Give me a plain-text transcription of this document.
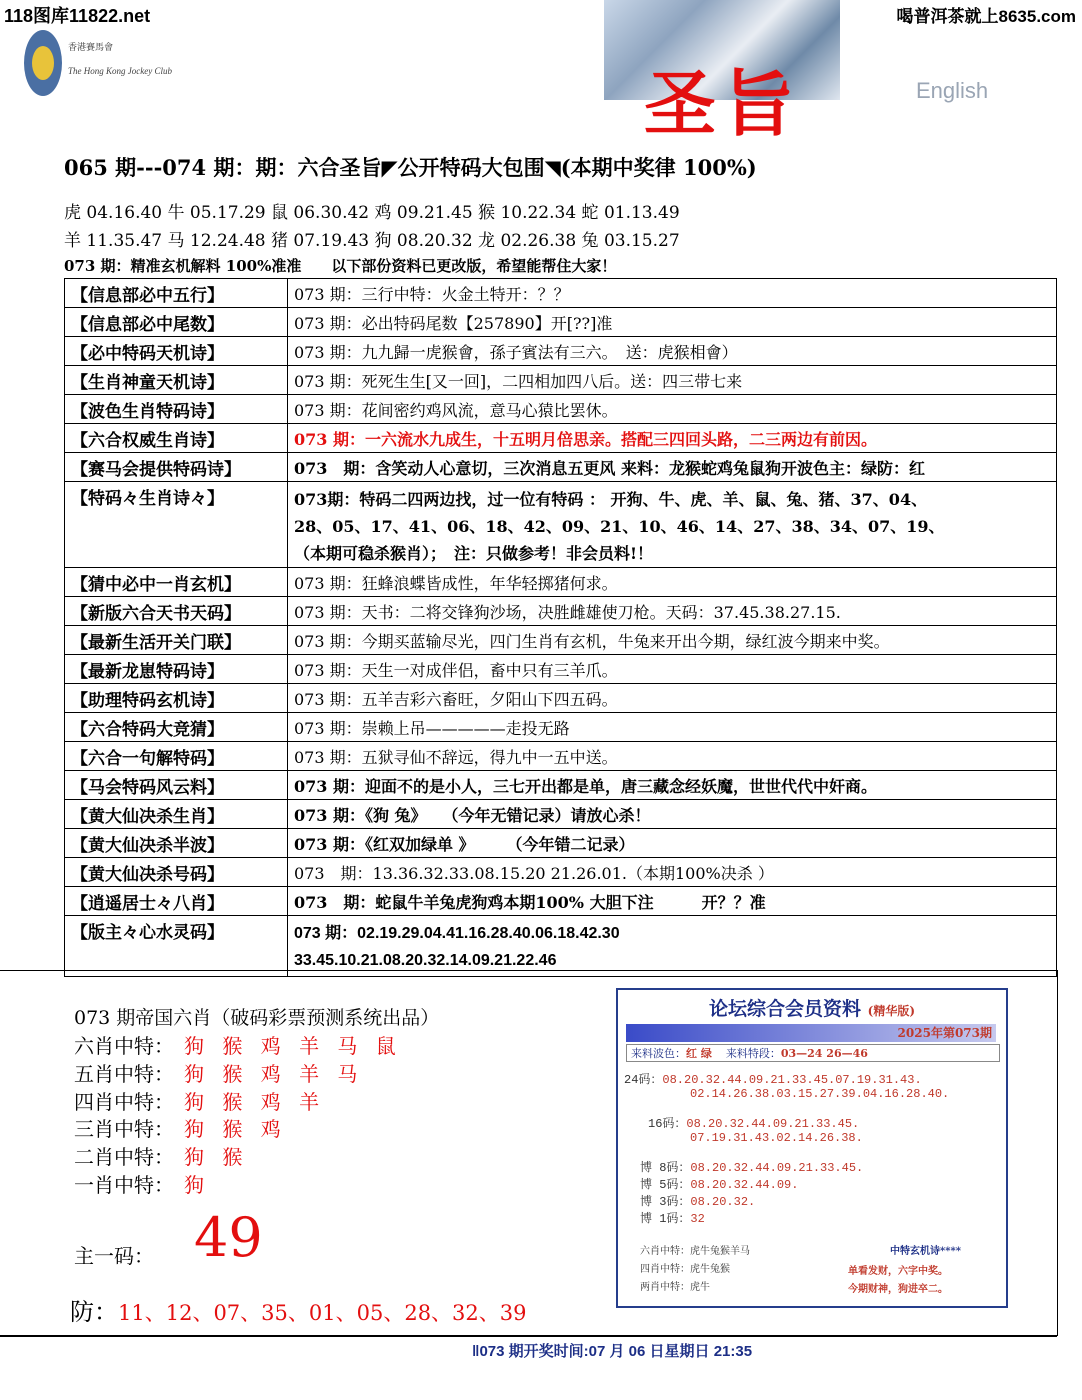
118图库11822.net	喝普洱茶就上8635.com
香港賽馬會
The Hong Kong Jockey Club	圣旨	English
065 期---074 期：期：六合圣旨◤公开特码大包围◥(本期中奖律 100%)
虎 04.16.40 牛 05.17.29 鼠 06.30.42 鸡 09.21.45 猴 10.22.34 蛇 01.13.49
羊 11.35.47 马 12.24.48 猪 07.19.43 狗 08.20.32 龙 02.26.38 兔 03.15.27
073 期：精准玄机解料 100%准准　　以下部份资料已更改版，希望能帮住大家！
【信息部必中五行】	073 期：三行中特：火金土特开：？？
【信息部必中尾数】	073 期：必出特码尾数【257890】开[??]准
【必中特码天机诗】	073 期：九九歸一虎猴會，孫子賓法有三六。　送：虎猴相會）
【生肖神童天机诗】	073 期：死死生生[又一回]，二四相加四八后。送：四三带七来
【波色生肖特码诗】	073 期：花间密约鸡风流，意马心猿比罢休。
【六合权威生肖诗】	073 期：一六流水九成生，十五明月倍思亲。搭配三四回头路，二三两边有前因。
【赛马会提供特码诗】	073　期：含笑动人心意切，三次消息五更风 来料：龙猴蛇鸡兔鼠狗开波色主：绿防：红
【特码々生肖诗々】	073期：特码二四两边找，过一位有特码 ： 开狗、牛、虎、羊、鼠、兔、猪、37、04、
28、05、17、41、06、18、42、09、21、10、46、14、27、38、34、07、19、
（本期可稳杀猴肖）；　注：只做参考！非会员料!！

【猜中必中一肖玄机】	073 期：狂蜂浪蝶皆成性，年华轻掷猪何求。
【新版六合天书天码】	073 期：天书：二将交锋狗沙场，决胜雌雄使刀枪。天码：37.45.38.27.15.
【最新生活开关门联】	073 期：今期买蓝输尽光，四门生肖有玄机，牛兔来开出今期，绿红波今期来中奖。
【最新龙崽特码诗】	073 期：天生一对成伴侣，畜中只有三羊爪。
【助理特码玄机诗】	073 期：五羊吉彩六畜旺，夕阳山下四五码。
【六合特码大竞猜】	073 期：崇赖上吊—————走投无路
【六合一句解特码】	073 期：五狱寻仙不辞远，得九中一五中送。
【马会特码风云料】	073 期：迎面不的是小人，三七开出都是单，唐三藏念经妖魔，世世代代中奸商。
【黄大仙决杀生肖】	073 期：《狗 兔》　　（今年无错记录）请放心杀！
【黄大仙决杀半波】	073 期：《红双加绿单 》　　　（今年错二记录）
【黄大仙决杀号码】	073　期：13.36.32.33.08.15.20 21.26.01.（本期100%决杀 ）
【逍遥居士々八肖】	073　期：蛇鼠牛羊兔虎狗鸡本期100% 大胆下注　　　开？？准
【版主々心水灵码】	073 期：02.19.29.04.41.16.28.40.06.18.42.30
33.45.10.21.08.20.32.14.09.21.22.46
073 期帝国六肖（破码彩票预测系统出品）
六肖中特： 狗 猴 鸡 羊 马 鼠
五肖中特： 狗 猴 鸡 羊 马
四肖中特： 狗 猴 鸡 羊
三肖中特： 狗 猴 鸡
二肖中特： 狗 猴
一肖中特： 狗
主一码： 49
防：11、12、07、35、01、05、28、32、39
论坛综合会员资料 (精华版)
2025年第073期
来料波色：红 绿 来料特段：03—24 26—46
24码：08.20.32.44.09.21.33.45.07.19.31.43.
02.14.26.38.03.15.27.39.04.16.28.40.
16码：08.20.32.44.09.21.33.45.
07.19.31.43.02.14.26.38.
博 8码：08.20.32.44.09.21.33.45.
博 5码：08.20.32.44.09.
博 3码：08.20.32.
博 1码：32
六肖中特：虎牛兔猴羊马
四肖中特：虎牛兔猴
两肖中特：虎牛
中特玄机诗****
单看发财，六字中奖。
今期财神，狗进卒二。
‖073 期开奖时间:07 月 06 日星期日 21:35
